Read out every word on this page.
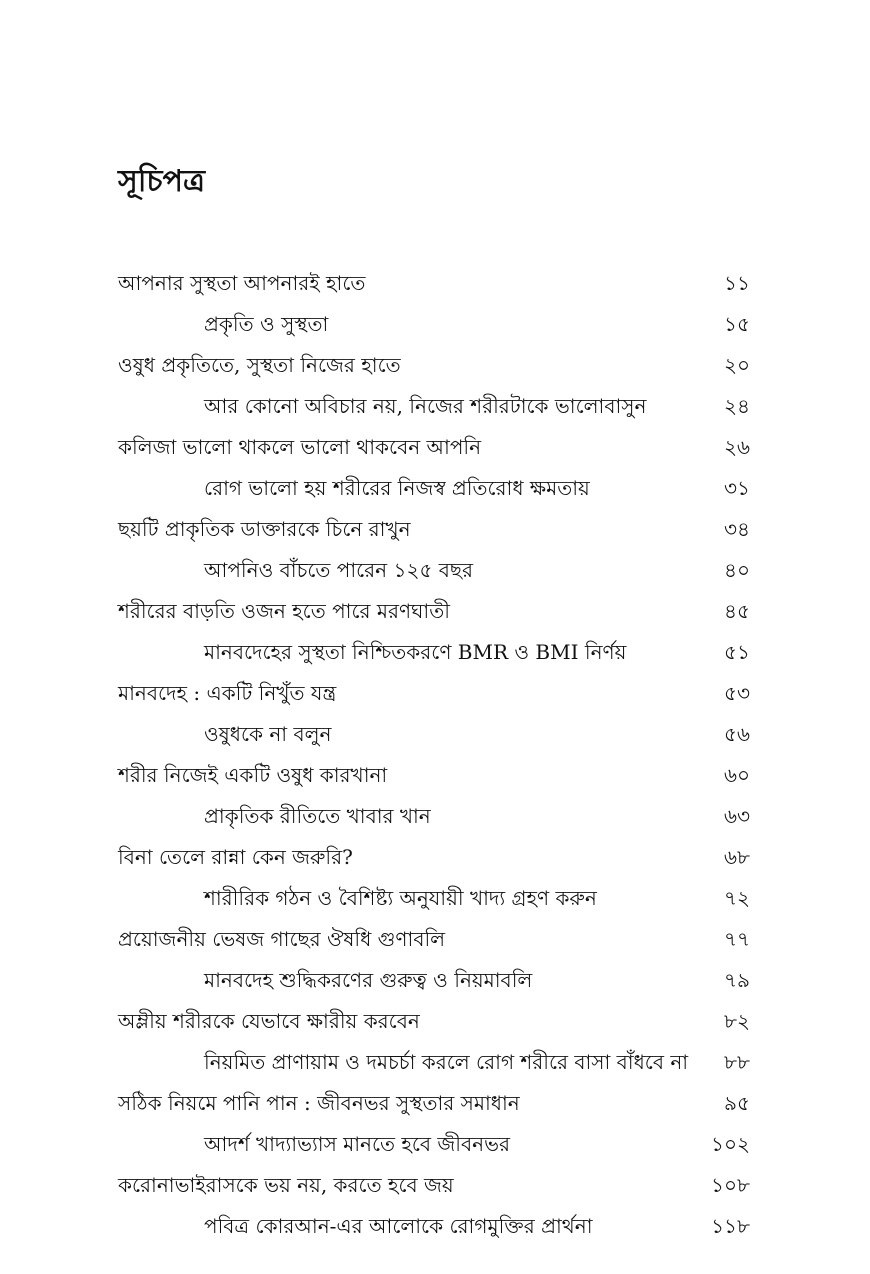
সূচিপত্র
আপনার সুস্থতা আপনারই হাতে	১১
প্রকৃতি ও সুস্থতা	১৫
ওষুধ প্রকৃতিতে, সুস্থতা নিজের হাতে	২০
আর কোনো অবিচার নয়, নিজের শরীরটাকে ভালোবাসুন	২৪
কলিজা ভালো থাকলে ভালো থাকবেন আপনি	২৬
রোগ ভালো হয় শরীরের নিজস্ব প্রতিরোধ ক্ষমতায়	৩১
ছয়টি প্রাকৃতিক ডাক্তারকে চিনে রাখুন	৩৪
আপনিও বাঁচতে পারেন ১২৫ বছর	৪০
শরীরের বাড়তি ওজন হতে পারে মরণঘাতী	৪৫
মানবদেহের সুস্থতা নিশ্চিতকরণে BMR ও BMI নির্ণয়	৫১
মানবদেহ : একটি নিখুঁত যন্ত্র	৫৩
ওষুধকে না বলুন	৫৬
শরীর নিজেই একটি ওষুধ কারখানা	৬০
প্রাকৃতিক রীতিতে খাবার খান	৬৩
বিনা তেলে রান্না কেন জরুরি?	৬৮
শারীরিক গঠন ও বৈশিষ্ট্য অনুযায়ী খাদ্য গ্রহণ করুন	৭২
প্রয়োজনীয় ভেষজ গাছের ঔষধি গুণাবলি	৭৭
মানবদেহ শুদ্ধিকরণের গুরুত্ব ও নিয়মাবলি	৭৯
অম্লীয় শরীরকে যেভাবে ক্ষারীয় করবেন	৮২
নিয়মিত প্রাণায়াম ও দমচর্চা করলে রোগ শরীরে বাসা বাঁধবে না ৮৮
সঠিক নিয়মে পানি পান : জীবনভর সুস্থতার সমাধান	৯৫
আদর্শ খাদ্যাভ্যাস মানতে হবে জীবনভর	১০২
করোনাভাইরাসকে ভয় নয়, করতে হবে জয়	১০৮
পবিত্র কোরআন-এর আলোকে রোগমুক্তির প্রার্থনা	১১৮
